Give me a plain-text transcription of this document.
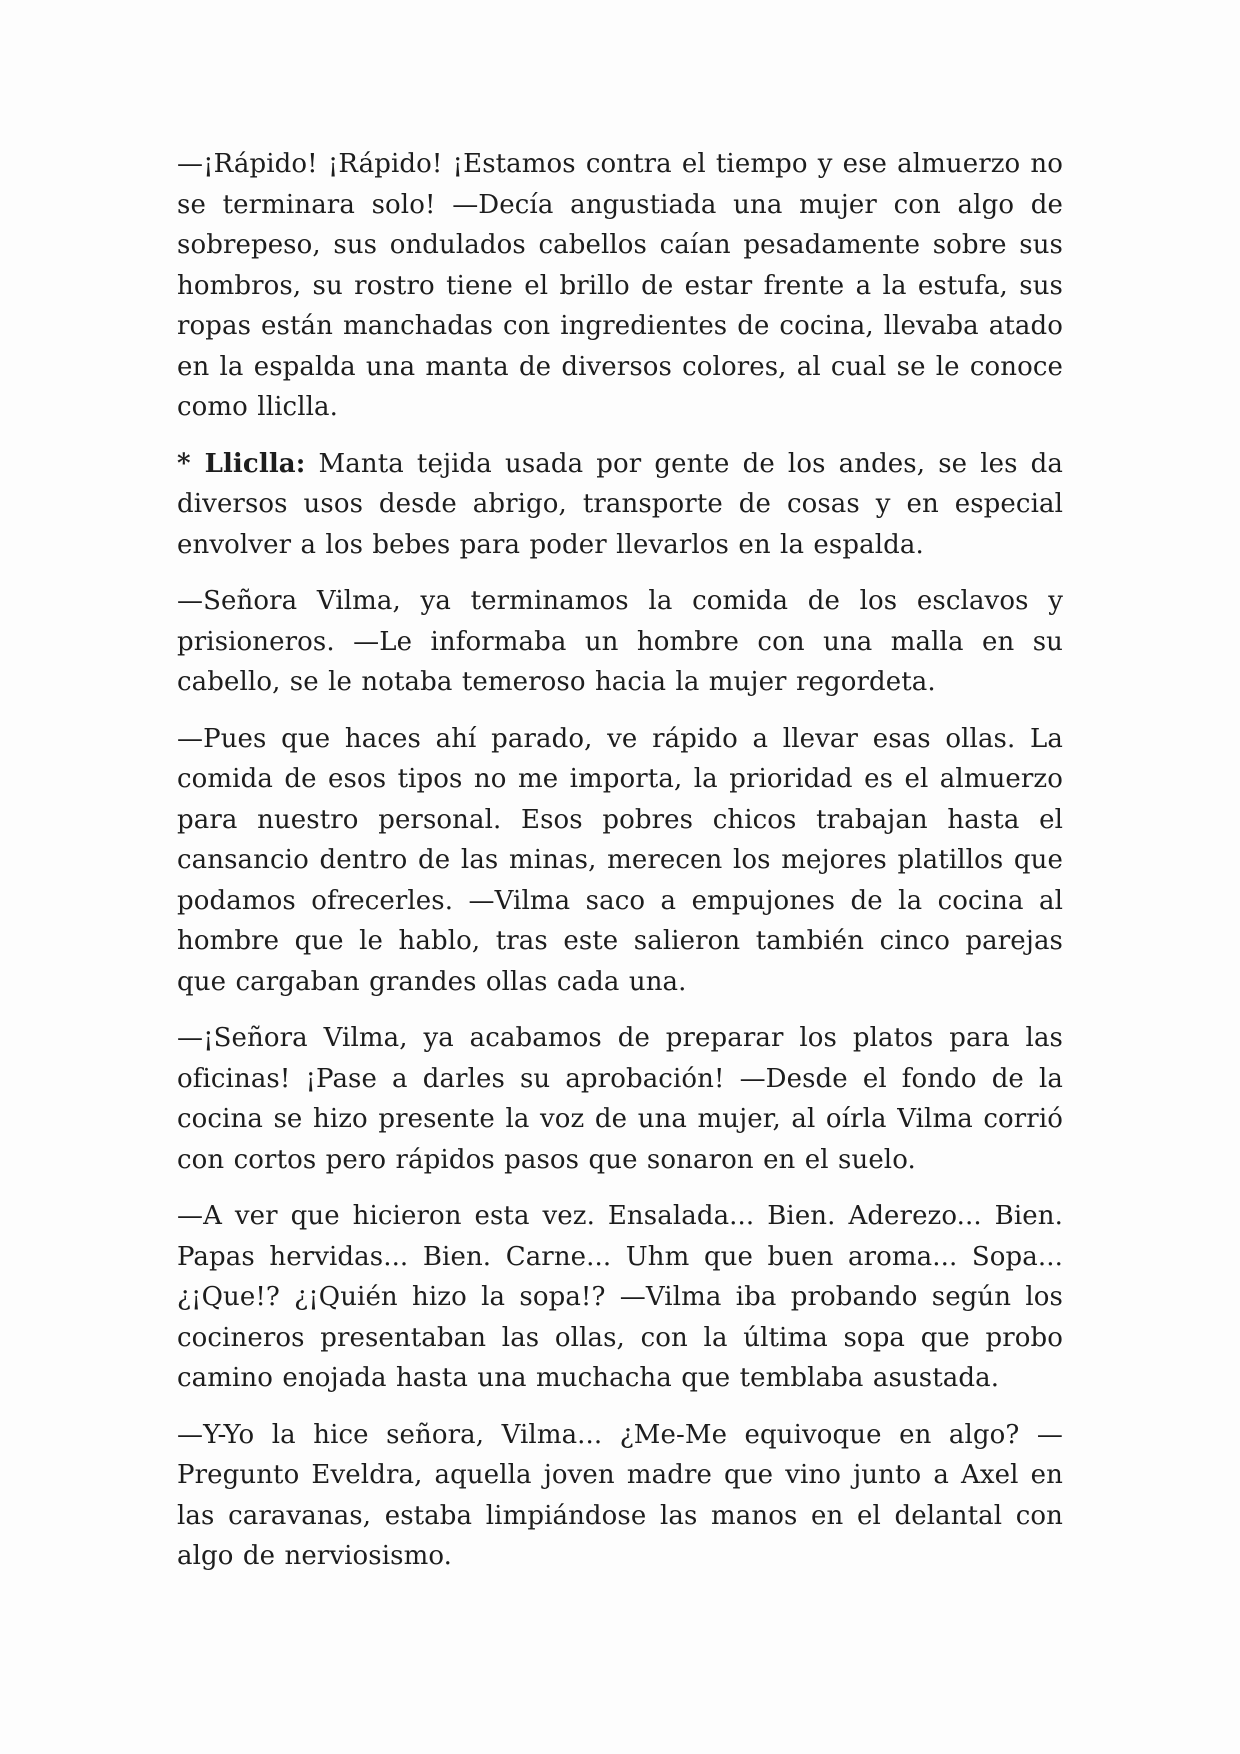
—¡Rápido! ¡Rápido! ¡Estamos contra el tiempo y ese almuerzo no se terminara solo! —Decía angustiada una mujer con algo de sobrepeso, sus ondulados cabellos caían pesadamente sobre sus hombros, su rostro tiene el brillo de estar frente a la estufa, sus ropas están manchadas con ingredientes de cocina, llevaba atado en la espalda una manta de diversos colores, al cual se le conoce como lliclla.

* Lliclla: Manta tejida usada por gente de los andes, se les da diversos usos desde abrigo, transporte de cosas y en especial envolver a los bebes para poder llevarlos en la espalda.

—Señora Vilma, ya terminamos la comida de los esclavos y prisioneros. —Le informaba un hombre con una malla en su cabello, se le notaba temeroso hacia la mujer regordeta.

—Pues que haces ahí parado, ve rápido a llevar esas ollas. La comida de esos tipos no me importa, la prioridad es el almuerzo para nuestro personal. Esos pobres chicos trabajan hasta el cansancio dentro de las minas, merecen los mejores platillos que podamos ofrecerles. —Vilma saco a empujones de la cocina al hombre que le hablo, tras este salieron también cinco parejas que cargaban grandes ollas cada una.

—¡Señora Vilma, ya acabamos de preparar los platos para las oficinas! ¡Pase a darles su aprobación! —Desde el fondo de la cocina se hizo presente la voz de una mujer, al oírla Vilma corrió con cortos pero rápidos pasos que sonaron en el suelo.

—A ver que hicieron esta vez. Ensalada... Bien. Aderezo... Bien. Papas hervidas... Bien. Carne... Uhm que buen aroma... Sopa... ¿¡Que!? ¿¡Quién hizo la sopa!? —Vilma iba probando según los cocineros presentaban las ollas, con la última sopa que probo camino enojada hasta una muchacha que temblaba asustada.

—Y-Yo la hice señora, Vilma... ¿Me-Me equivoque en algo? —Pregunto Eveldra, aquella joven madre que vino junto a Axel en las caravanas, estaba limpiándose las manos en el delantal con algo de nerviosismo.
